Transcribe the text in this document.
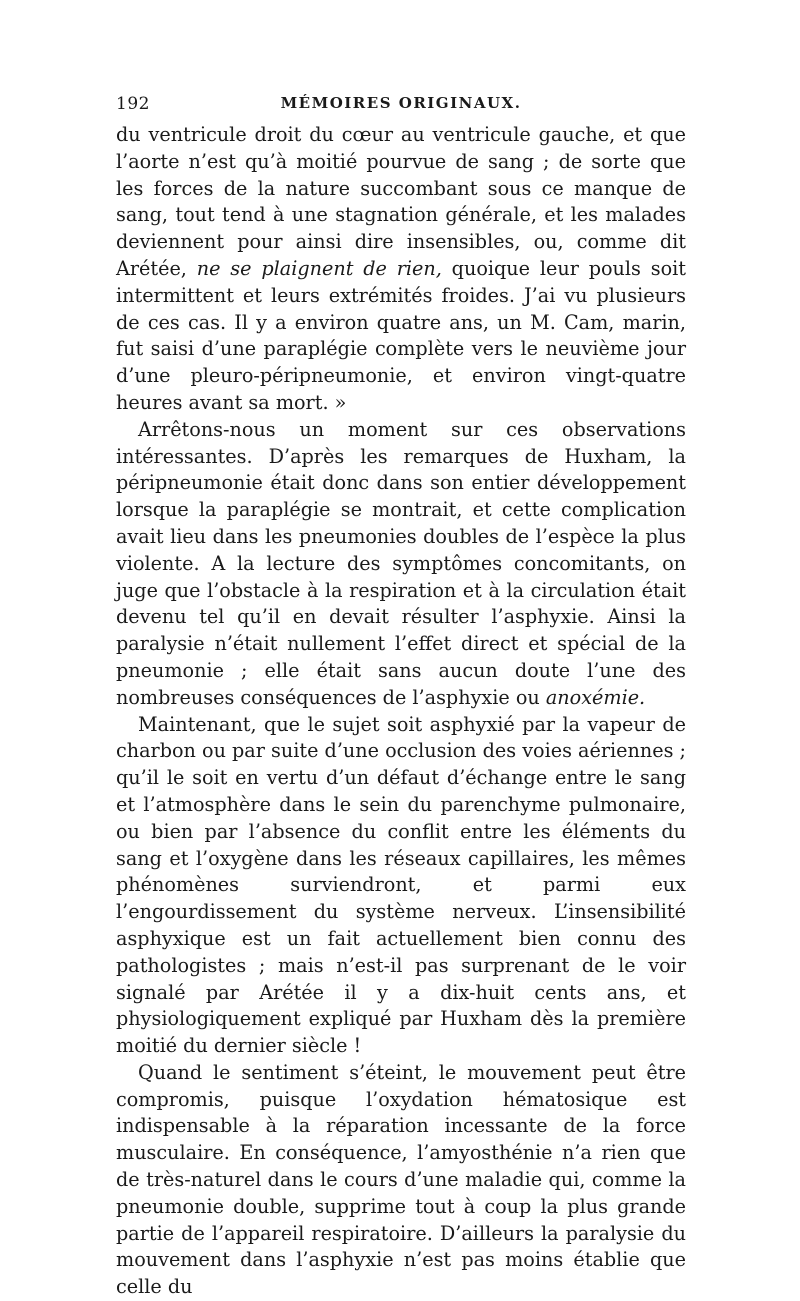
192	MÉMOIRES ORIGINAUX.

du ventricule droit du cœur au ventricule gauche, et que l’aorte n’est qu’à moitié pourvue de sang ; de sorte que les forces de la nature succombant sous ce manque de sang, tout tend à une stagnation générale, et les malades deviennent pour ainsi dire insensibles, ou, comme dit Arétée, ne se plaignent de rien, quoique leur pouls soit intermittent et leurs extrémités froides. J’ai vu plusieurs de ces cas. Il y a environ quatre ans, un M. Cam, marin, fut saisi d’une paraplégie complète vers le neuvième jour d’une pleuro-péripneumonie, et environ vingt-quatre heures avant sa mort. »

Arrêtons-nous un moment sur ces observations intéressantes. D’après les remarques de Huxham, la péripneumonie était donc dans son entier développement lorsque la paraplégie se montrait, et cette complication avait lieu dans les pneumonies doubles de l’espèce la plus violente. A la lecture des symptômes concomitants, on juge que l’obstacle à la respiration et à la circulation était devenu tel qu’il en devait résulter l’asphyxie. Ainsi la paralysie n’était nullement l’effet direct et spécial de la pneumonie ; elle était sans aucun doute l’une des nombreuses conséquences de l’asphyxie ou anoxémie.

Maintenant, que le sujet soit asphyxié par la vapeur de charbon ou par suite d’une occlusion des voies aériennes ; qu’il le soit en vertu d’un défaut d’échange entre le sang et l’atmosphère dans le sein du parenchyme pulmonaire, ou bien par l’absence du conflit entre les éléments du sang et l’oxygène dans les réseaux capillaires, les mêmes phénomènes surviendront, et parmi eux l’engourdissement du système nerveux. L’insensibilité asphyxique est un fait actuellement bien connu des pathologistes ; mais n’est-il pas surprenant de le voir signalé par Arétée il y a dix-huit cents ans, et physiologiquement expliqué par Huxham dès la première moitié du dernier siècle !

Quand le sentiment s’éteint, le mouvement peut être compromis, puisque l’oxydation hématosique est indispensable à la réparation incessante de la force musculaire. En conséquence, l’amyosthénie n’a rien que de très-naturel dans le cours d’une maladie qui, comme la pneumonie double, supprime tout à coup la plus grande partie de l’appareil respiratoire. D’ailleurs la paralysie du mouvement dans l’asphyxie n’est pas moins établie que celle du
